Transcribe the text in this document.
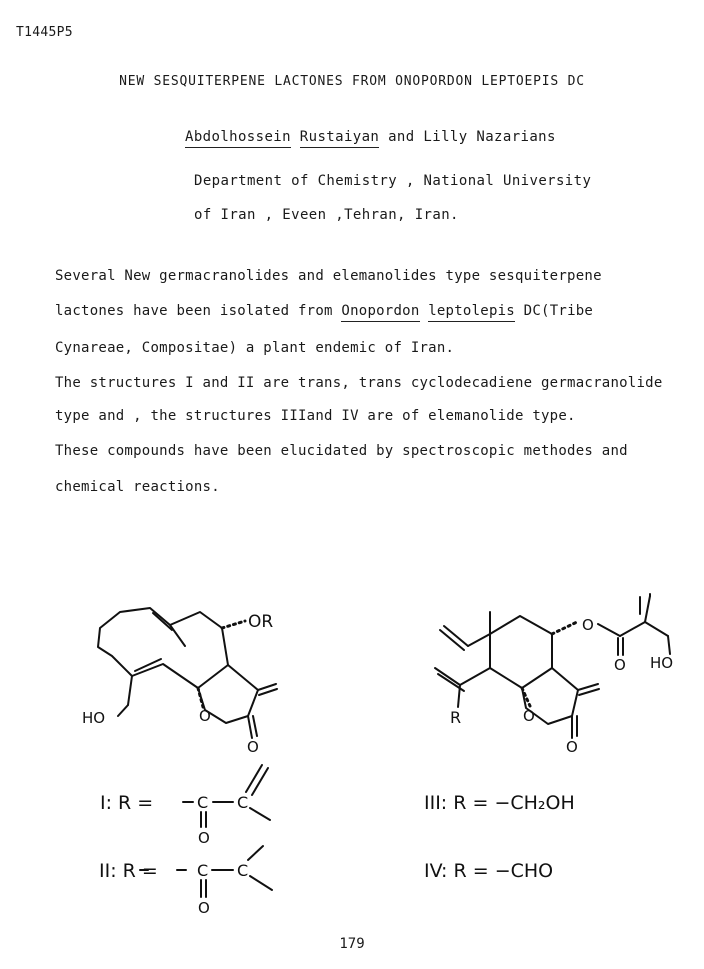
T1445P5
NEW SESQUITERPENE LACTONES FROM ONOPORDON LEPTOEPIS DC
Abdolhossein Rustaiyan and Lilly Nazarians
Department of Chemistry , National University
of Iran , Eveen ,Tehran, Iran.
Several New germacranolides and elemanolides type sesquiterpene
lactones have been isolated from Onopordon leptolepis DC(Tribe
Cynareae, Compositae) a plant endemic of Iran.
The structures I and II are trans, trans cyclodecadiene germacranolide
type and , the structures IIIand IV are of elemanolide type.
These compounds have been elucidated by spectroscopic methodes and
chemical reactions.
OR
HO	O
O
O
O HO
R	O
O
I: R =	C C
O
II: R = C C
O
III: R = −CH₂OH
IV: R = −CHO
179
